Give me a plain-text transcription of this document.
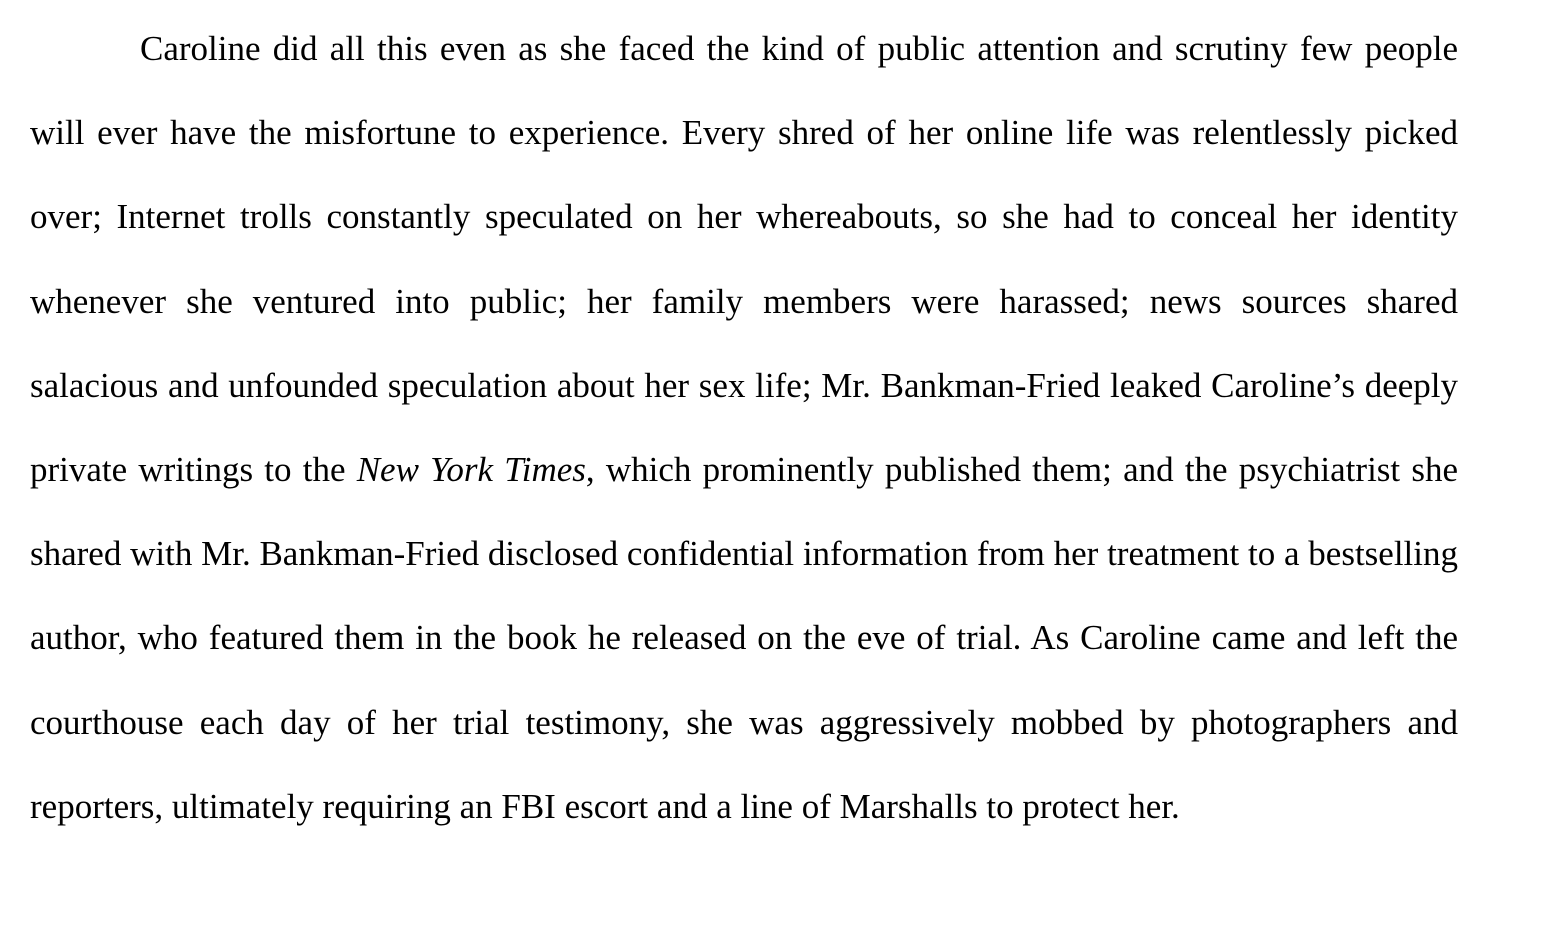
Caroline did all this even as she faced the kind of public attention and scrutiny few people will ever have the misfortune to experience. Every shred of her online life was relentlessly picked over; Internet trolls constantly speculated on her whereabouts, so she had to conceal her identity whenever she ventured into public; her family members were harassed; news sources shared salacious and unfounded speculation about her sex life; Mr. Bankman-Fried leaked Caroline’s deeply private writings to the New York Times, which prominently published them; and the psychiatrist she shared with Mr. Bankman-Fried disclosed confidential information from her treatment to a bestselling author, who featured them in the book he released on the eve of trial. As Caroline came and left the courthouse each day of her trial testimony, she was aggressively mobbed by photographers and reporters, ultimately requiring an FBI escort and a line of Marshalls to protect her.
